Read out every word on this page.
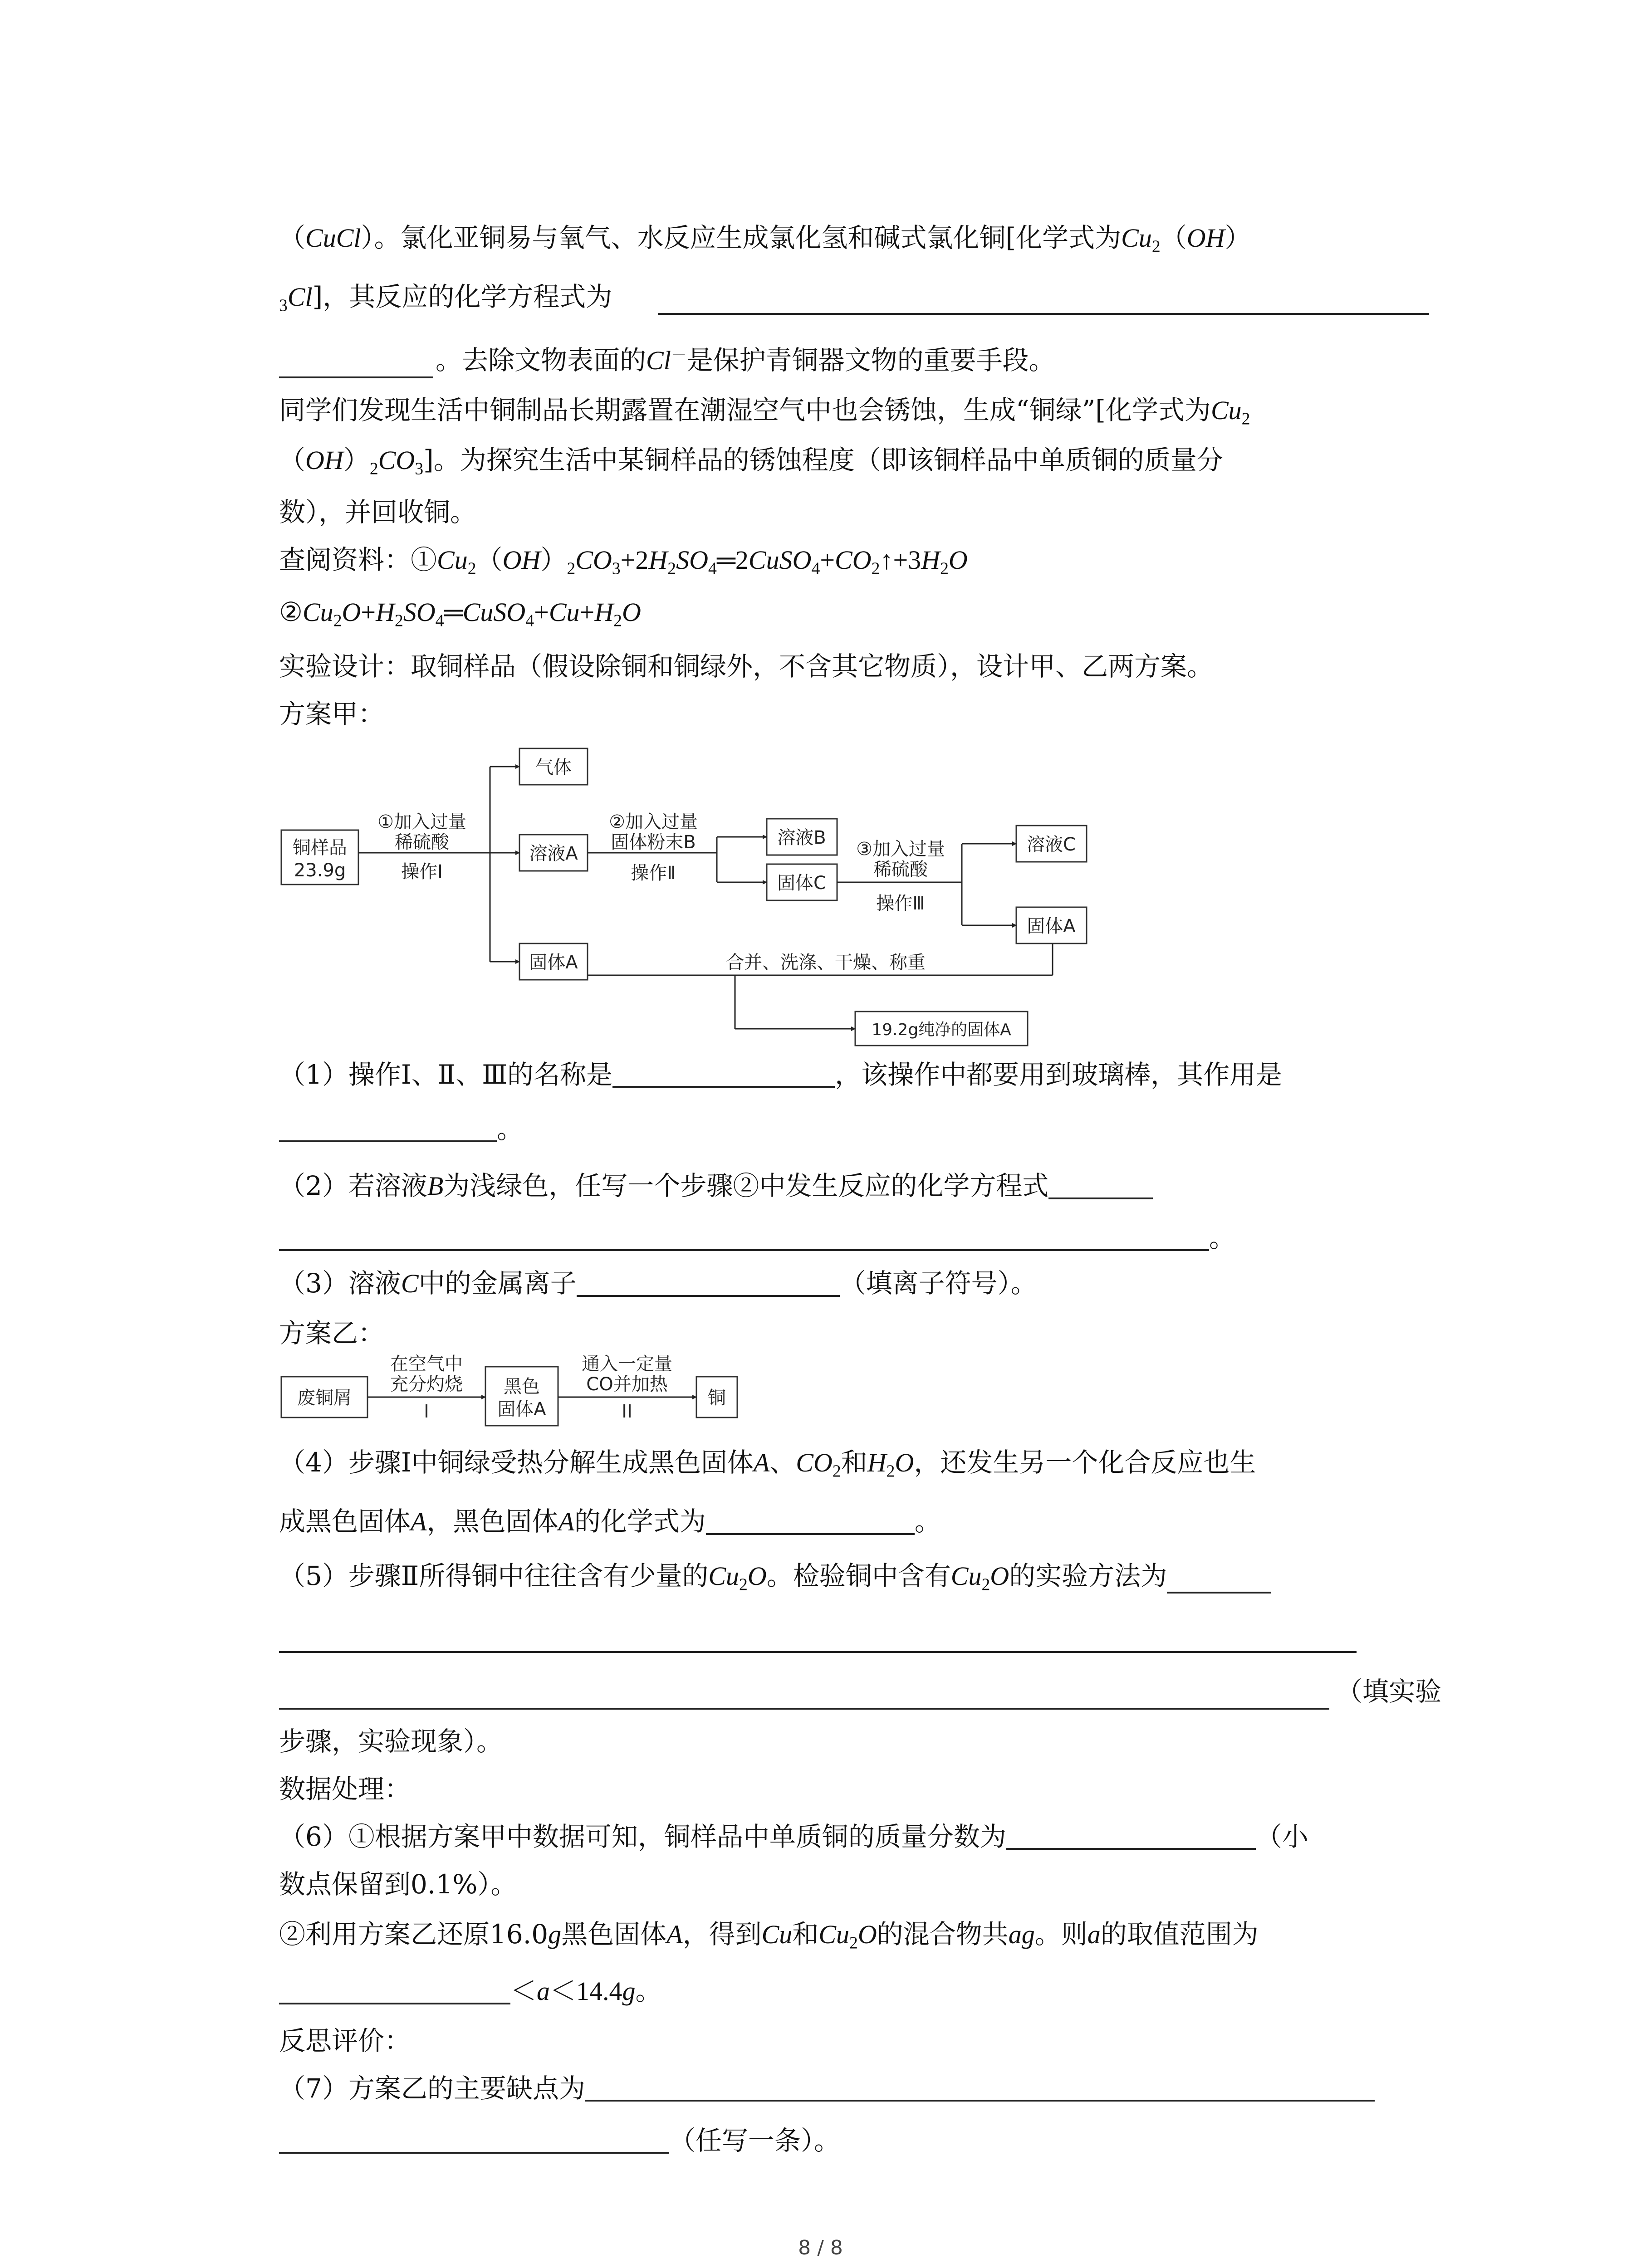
（CuCl）。氯化亚铜易与氧气、水反应生成氯化氢和碱式氯化铜[化学式为$Cu_2(OH)$
$_3$Cl]，其反应的化学方程式为
。去除文物表面的Cl－是保护青铜器文物的重要手段。
同学们发现生活中铜制品长期露置在潮湿空气中也会锈蚀，生成“铜绿”[化学式为$Cu_2$
$(OH)_2CO_3$]。为探究生活中某铜样品的锈蚀程度（即该铜样品中单质铜的质量分
数），并回收铜。
查阅资料：$①Cu_2(OH)_2CO_3+2H_2SO_4═2CuSO_4+CO_2↑+3H_2O$
$②Cu_2O+H_2SO_4═CuSO_4+Cu+H_2O$
实验设计：取铜样品（假设除铜和铜绿外，不含其它物质），设计甲、乙两方案。
方案甲：
铜样品
23.9g
①加入过量
稀硫酸
操作Ⅰ
气体
溶液A
固体A
②加入过量
固体粉末B
操作Ⅱ
溶液B
固体C
③加入过量
稀硫酸
操作Ⅲ
溶液C
固体A
合并、洗涤、干燥、称重
19.2g纯净的固体A
（1）操作Ⅰ、Ⅱ、Ⅲ的名称是	，该操作中都要用到玻璃棒，其作用是
。
（2）若溶液B为浅绿色，任写一个步骤②中发生反应的化学方程式
。
（3）溶液C中的金属离子	（填离子符号）。
方案乙：
废铜屑
在空气中
充分灼烧
I
黑色
固体A
通入一定量
CO并加热
II
铜
（4）步骤Ⅰ中铜绿受热分解生成黑色固体A、$CO_2$和$H_2O$，还发生另一个化合反应也生
成黑色固体A，黑色固体A的化学式为	。
（5）步骤Ⅱ所得铜中往往含有少量的$Cu_2O$。检验铜中含有$Cu_2O$的实验方法为
（填实验
步骤，实验现象）。
数据处理：
（6）①根据方案甲中数据可知，铜样品中单质铜的质量分数为	（小
数点保留到0.1%）。
②利用方案乙还原16.0g黑色固体A，得到Cu和$Cu_2O$的混合物共ag。则a的取值范围为
＜a＜14.4g。
反思评价：
（7）方案乙的主要缺点为
（任写一条）。
8 / 8
